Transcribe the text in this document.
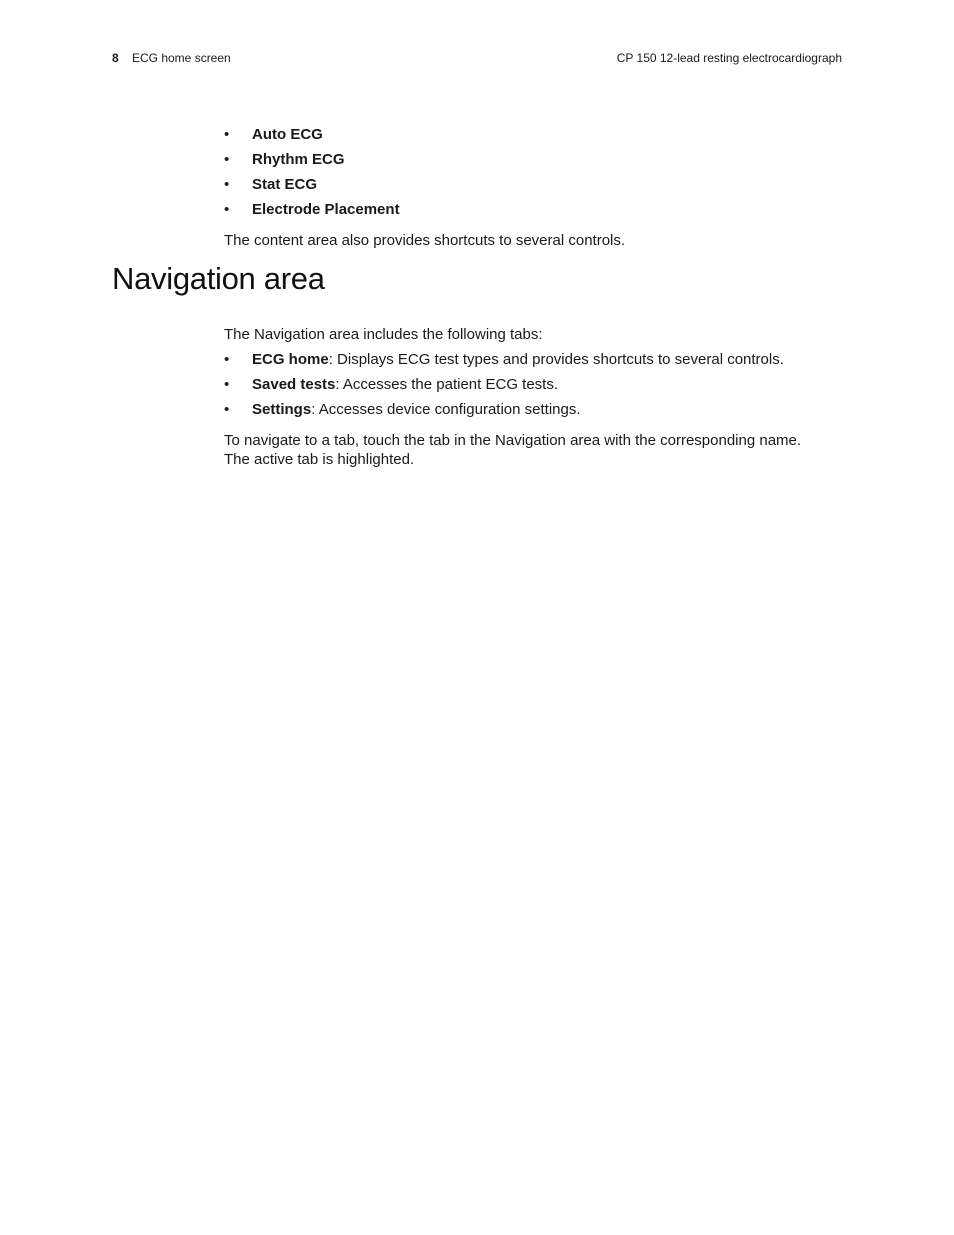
8 ECG home screen	CP 150 12-lead resting electrocardiograph
• Auto ECG
• Rhythm ECG
• Stat ECG
• Electrode Placement

The content area also provides shortcuts to several controls.

Navigation area

The Navigation area includes the following tabs:

• ECG home: Displays ECG test types and provides shortcuts to several controls.
• Saved tests: Accesses the patient ECG tests.
• Settings: Accesses device configuration settings.

To navigate to a tab, touch the tab in the Navigation area with the corresponding name.
The active tab is highlighted.
